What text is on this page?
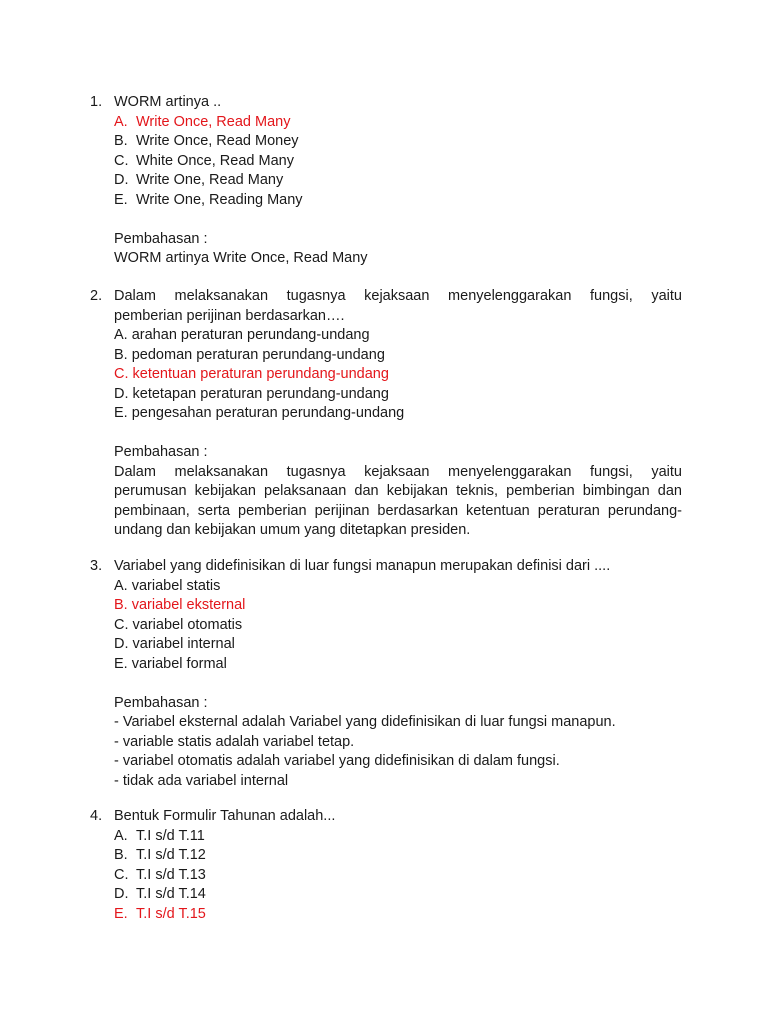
1. WORM artinya ..
A. Write Once, Read Many
B. Write Once, Read Money
C. White Once, Read Many
D. Write One, Read Many
E. Write One, Reading Many
Pembahasan :
WORM artinya Write Once, Read Many
2. Dalam melaksanakan tugasnya kejaksaan menyelenggarakan fungsi, yaitu
pemberian perijinan berdasarkan….
A. arahan peraturan perundang-undang
B. pedoman peraturan perundang-undang
C. ketentuan peraturan perundang-undang
D. ketetapan peraturan perundang-undang
E. pengesahan peraturan perundang-undang
Pembahasan :
Dalam melaksanakan tugasnya kejaksaan menyelenggarakan fungsi, yaitu
perumusan kebijakan pelaksanaan dan kebijakan teknis, pemberian bimbingan dan
pembinaan, serta pemberian perijinan berdasarkan ketentuan peraturan perundang-
undang dan kebijakan umum yang ditetapkan presiden.
3. Variabel yang didefinisikan di luar fungsi manapun merupakan definisi dari ....
A. variabel statis
B. variabel eksternal
C. variabel otomatis
D. variabel internal
E. variabel formal
Pembahasan :
- Variabel eksternal adalah Variabel yang didefinisikan di luar fungsi manapun.
- variable statis adalah variabel tetap.
- variabel otomatis adalah variabel yang didefinisikan di dalam fungsi.
- tidak ada variabel internal
4. Bentuk Formulir Tahunan adalah...
A. T.I s/d T.11
B. T.I s/d T.12
C. T.I s/d T.13
D. T.I s/d T.14
E. T.I s/d T.15
